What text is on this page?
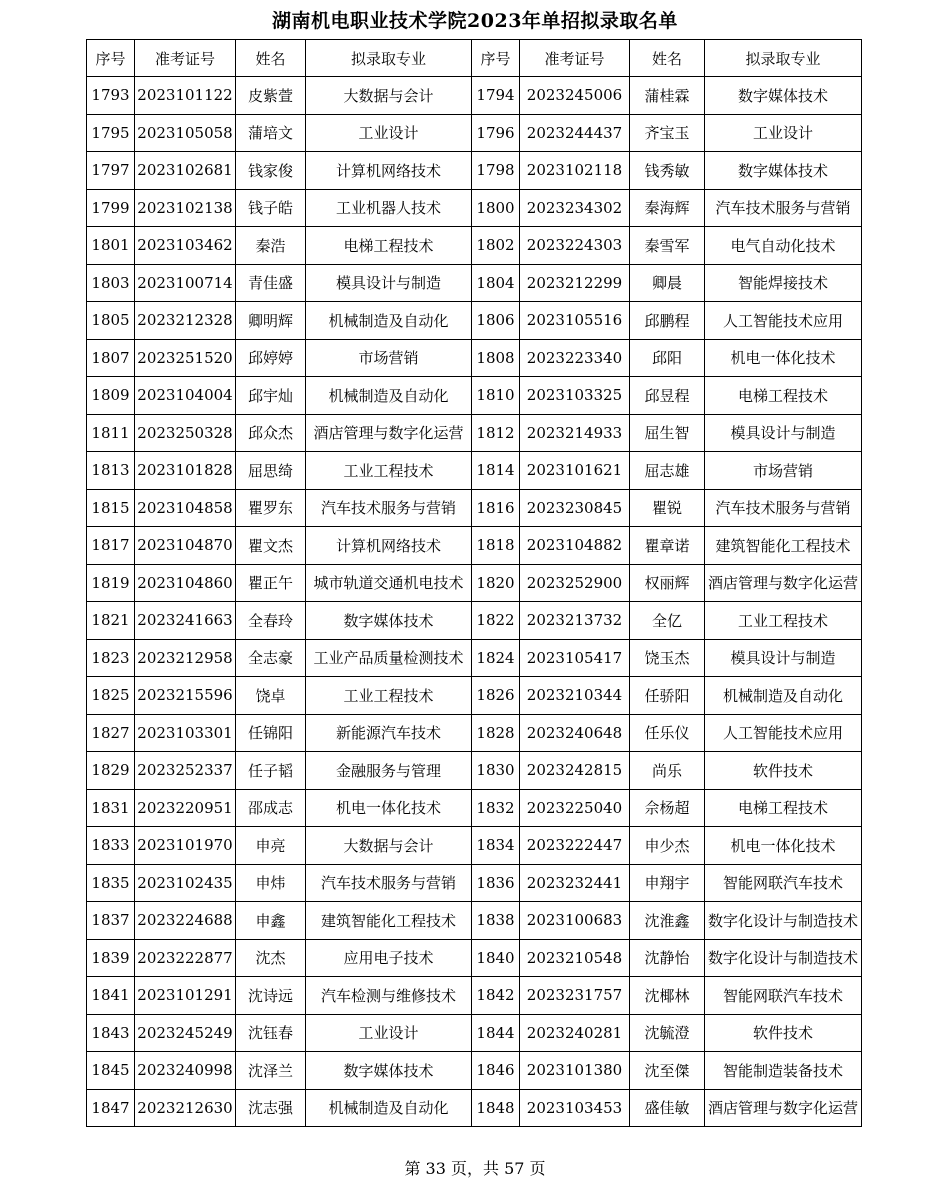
湖南机电职业技术学院2023年单招拟录取名单
序号	准考证号	姓名	拟录取专业	序号	准考证号	姓名	拟录取专业
1793	2023101122	皮紫萱	大数据与会计	1794	2023245006	蒲桂霖	数字媒体技术
1795	2023105058	蒲培文	工业设计	1796	2023244437	齐宝玉	工业设计
1797	2023102681	钱家俊	计算机网络技术	1798	2023102118	钱秀敏	数字媒体技术
1799	2023102138	钱子皓	工业机器人技术	1800	2023234302	秦海辉	汽车技术服务与营销
1801	2023103462	秦浩	电梯工程技术	1802	2023224303	秦雪军	电气自动化技术
1803	2023100714	青佳盛	模具设计与制造	1804	2023212299	卿晨	智能焊接技术
1805	2023212328	卿明辉	机械制造及自动化	1806	2023105516	邱鹏程	人工智能技术应用
1807	2023251520	邱婷婷	市场营销	1808	2023223340	邱阳	机电一体化技术
1809	2023104004	邱宇灿	机械制造及自动化	1810	2023103325	邱昱程	电梯工程技术
1811	2023250328	邱众杰	酒店管理与数字化运营	1812	2023214933	屈生智	模具设计与制造
1813	2023101828	屈思绮	工业工程技术	1814	2023101621	屈志雄	市场营销
1815	2023104858	瞿罗东	汽车技术服务与营销	1816	2023230845	瞿锐	汽车技术服务与营销
1817	2023104870	瞿文杰	计算机网络技术	1818	2023104882	瞿章诺	建筑智能化工程技术
1819	2023104860	瞿正午	城市轨道交通机电技术	1820	2023252900	权丽辉	酒店管理与数字化运营
1821	2023241663	全春玲	数字媒体技术	1822	2023213732	全亿	工业工程技术
1823	2023212958	全志豪	工业产品质量检测技术	1824	2023105417	饶玉杰	模具设计与制造
1825	2023215596	饶卓	工业工程技术	1826	2023210344	任骄阳	机械制造及自动化
1827	2023103301	任锦阳	新能源汽车技术	1828	2023240648	任乐仪	人工智能技术应用
1829	2023252337	任子韬	金融服务与管理	1830	2023242815	尚乐	软件技术
1831	2023220951	邵成志	机电一体化技术	1832	2023225040	佘杨超	电梯工程技术
1833	2023101970	申亮	大数据与会计	1834	2023222447	申少杰	机电一体化技术
1835	2023102435	申炜	汽车技术服务与营销	1836	2023232441	申翔宇	智能网联汽车技术
1837	2023224688	申鑫	建筑智能化工程技术	1838	2023100683	沈淮鑫	数字化设计与制造技术
1839	2023222877	沈杰	应用电子技术	1840	2023210548	沈静怡	数字化设计与制造技术
1841	2023101291	沈诗远	汽车检测与维修技术	1842	2023231757	沈椰林	智能网联汽车技术
1843	2023245249	沈钰春	工业设计	1844	2023240281	沈毓澄	软件技术
1845	2023240998	沈泽兰	数字媒体技术	1846	2023101380	沈至傑	智能制造装备技术
1847	2023212630	沈志强	机械制造及自动化	1848	2023103453	盛佳敏	酒店管理与数字化运营
第 33 页，共 57 页
